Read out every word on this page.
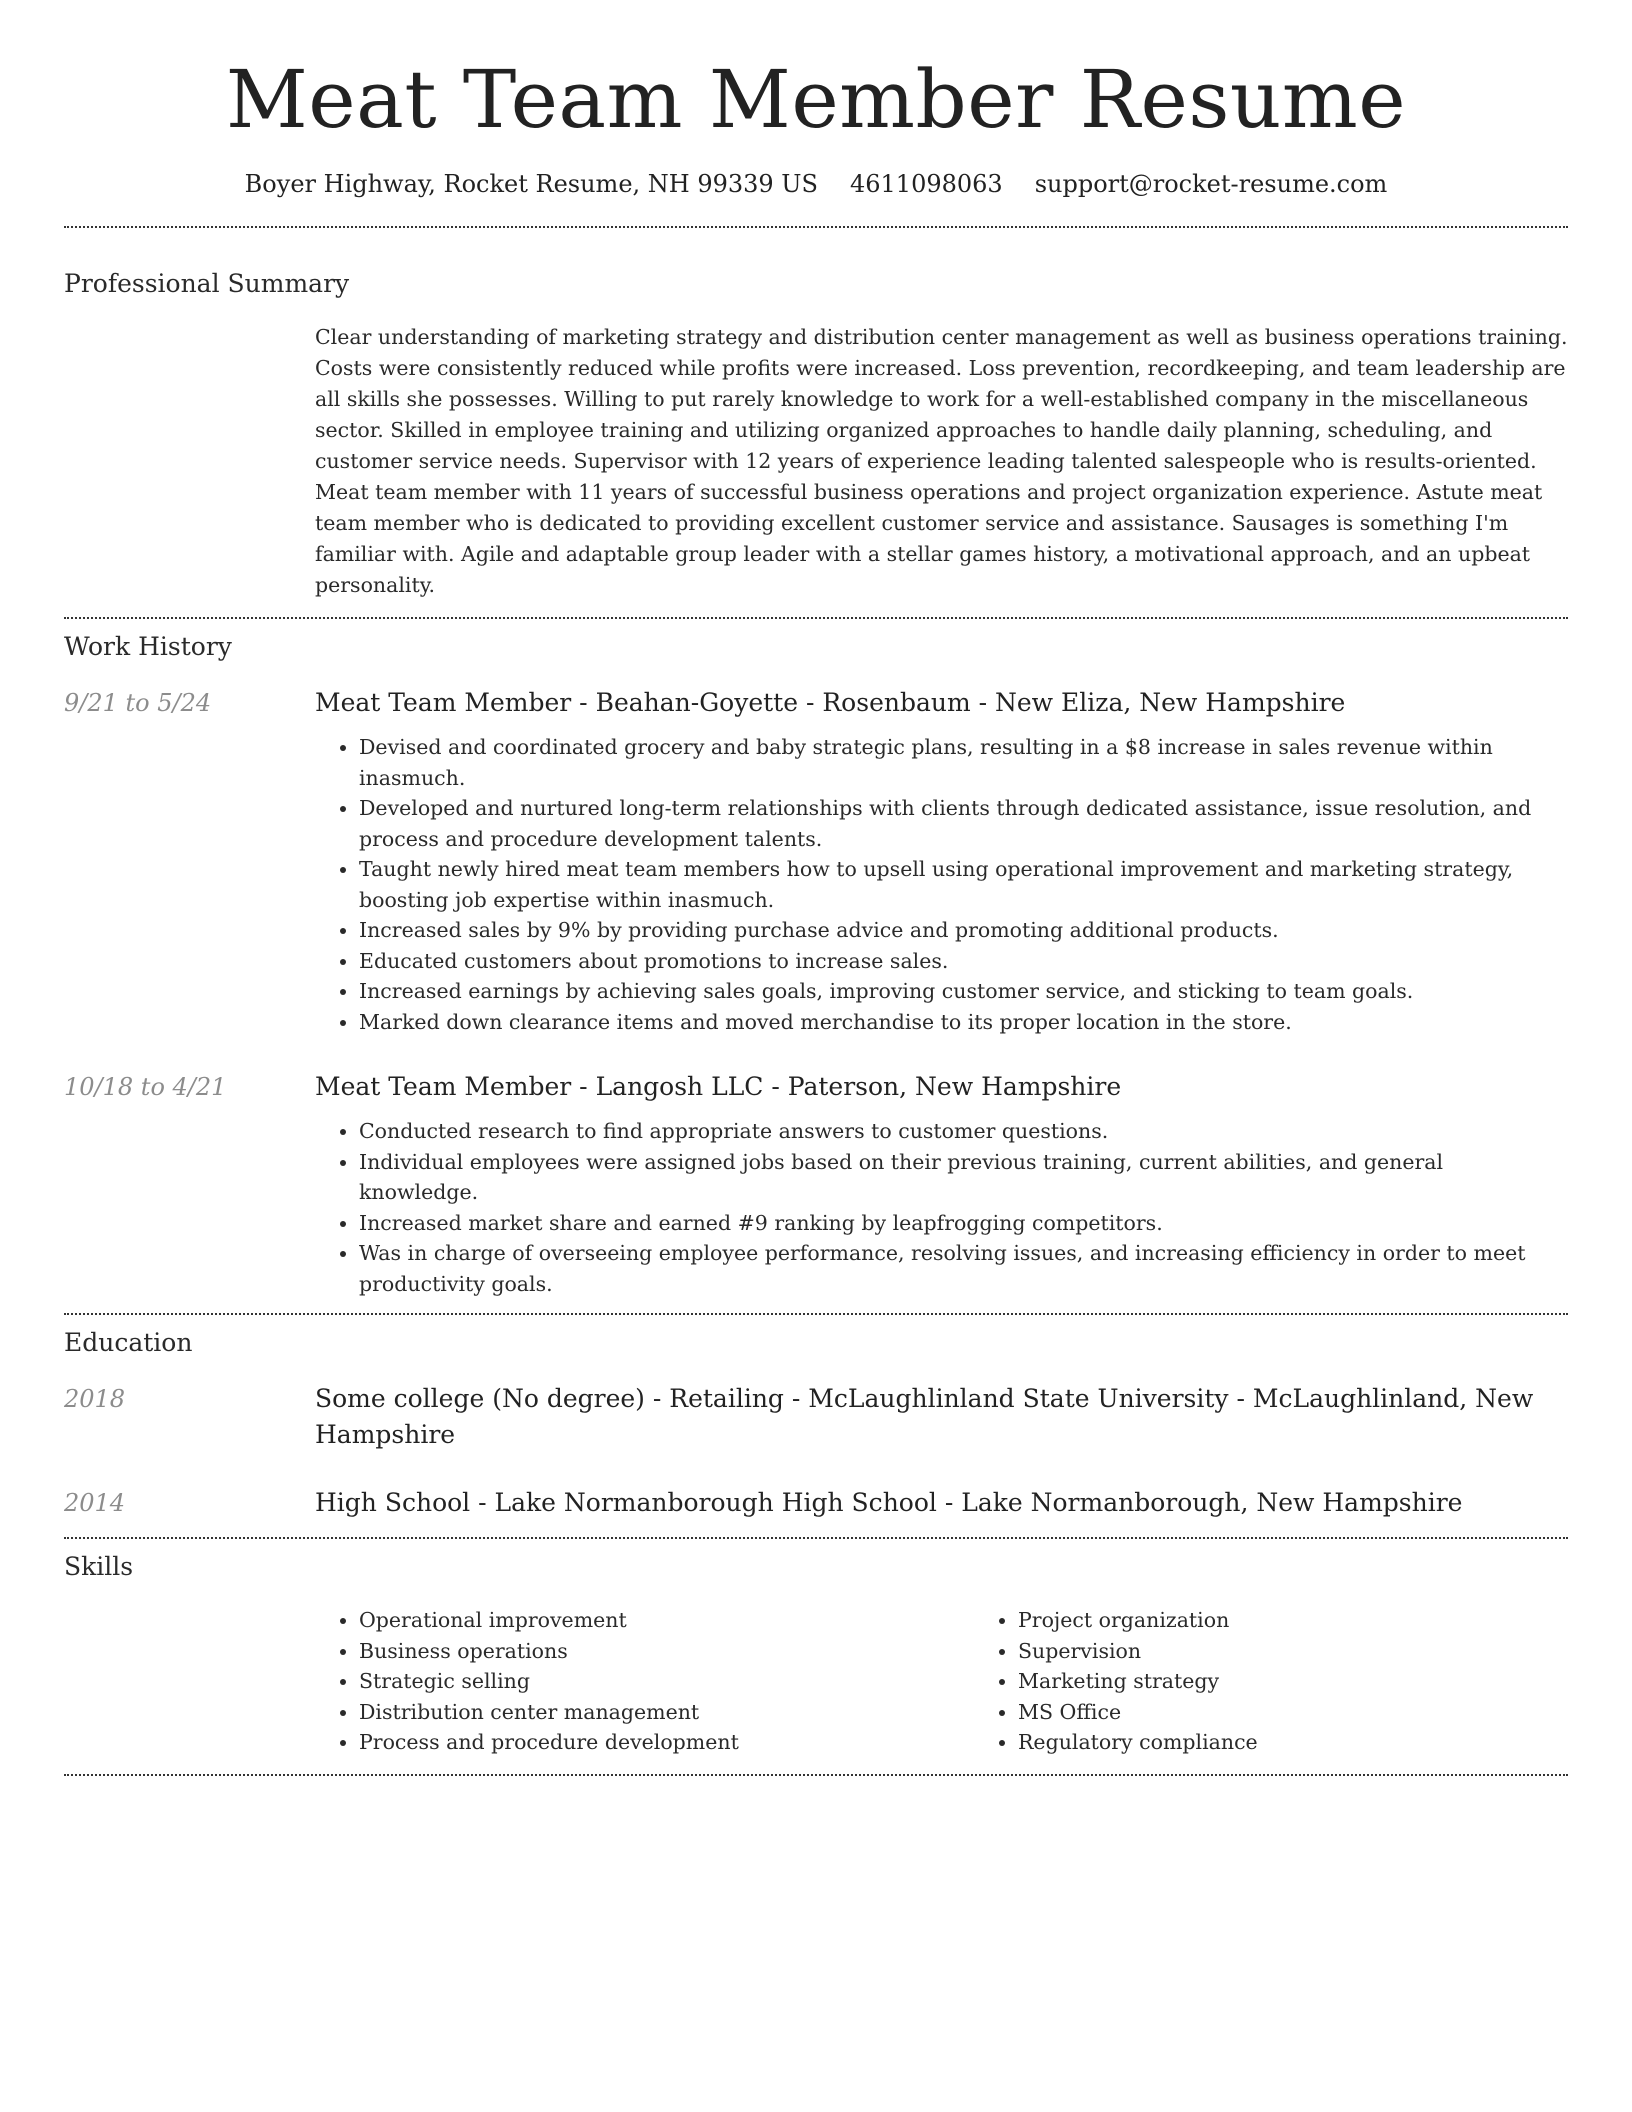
Meat Team Member Resume
Boyer Highway, Rocket Resume, NH 99339 US 4611098063 support@rocket-resume.com
Professional Summary
Clear understanding of marketing strategy and distribution center management as well as business operations training. Costs were consistently reduced while profits were increased. Loss prevention, recordkeeping, and team leadership are all skills she possesses. Willing to put rarely knowledge to work for a well-established company in the miscellaneous sector. Skilled in employee training and utilizing organized approaches to handle daily planning, scheduling, and customer service needs. Supervisor with 12 years of experience leading talented salespeople who is results-oriented. Meat team member with 11 years of successful business operations and project organization experience. Astute meat team member who is dedicated to providing excellent customer service and assistance. Sausages is something I'm familiar with. Agile and adaptable group leader with a stellar games history, a motivational approach, and an upbeat personality.
Work History
9/21 to 5/24	Meat Team Member - Beahan-Goyette - Rosenbaum - New Eliza, New Hampshire
• Devised and coordinated grocery and baby strategic plans, resulting in a $8 increase in sales revenue within inasmuch.
• Developed and nurtured long-term relationships with clients through dedicated assistance, issue resolution, and process and procedure development talents.
• Taught newly hired meat team members how to upsell using operational improvement and marketing strategy, boosting job expertise within inasmuch.
• Increased sales by 9% by providing purchase advice and promoting additional products.
• Educated customers about promotions to increase sales.
• Increased earnings by achieving sales goals, improving customer service, and sticking to team goals.
• Marked down clearance items and moved merchandise to its proper location in the store.
10/18 to 4/21	Meat Team Member - Langosh LLC - Paterson, New Hampshire
• Conducted research to find appropriate answers to customer questions.
• Individual employees were assigned jobs based on their previous training, current abilities, and general knowledge.
• Increased market share and earned #9 ranking by leapfrogging competitors.
• Was in charge of overseeing employee performance, resolving issues, and increasing efficiency in order to meet productivity goals.
Education
2018	Some college (No degree) - Retailing - McLaughlinland State University - McLaughlinland, New Hampshire
2014	High School - Lake Normanborough High School - Lake Normanborough, New Hampshire
Skills
• Operational improvement
• Business operations
• Strategic selling
• Distribution center management
• Process and procedure development
• Project organization
• Supervision
• Marketing strategy
• MS Office
• Regulatory compliance
